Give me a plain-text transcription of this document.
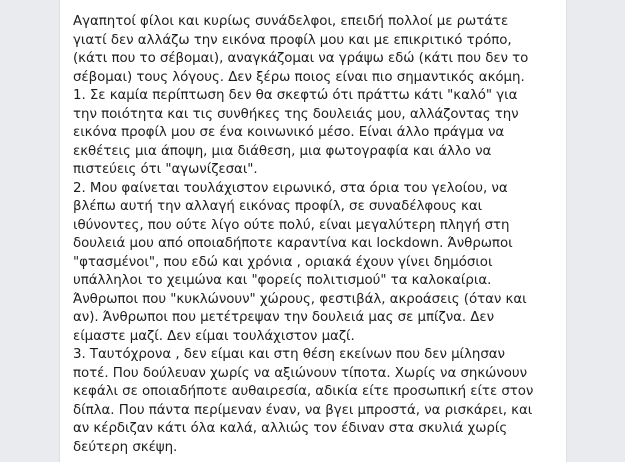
Αγαπητοί φίλοι και κυρίως συνάδελφοι, επειδή πολλοί με ρωτάτε
γιατί δεν αλλάζω την εικόνα προφίλ μου και με επικριτικό τρόπο,
(κάτι που το σέβομαι), αναγκάζομαι να γράψω εδώ (κάτι που δεν το
σέβομαι) τους λόγους. Δεν ξέρω ποιος είναι πιο σημαντικός ακόμη.
1. Σε καμία περίπτωση δεν θα σκεφτώ ότι πράττω κάτι "καλό" για
την ποιότητα και τις συνθήκες της δουλειάς μου, αλλάζοντας την
εικόνα προφίλ μου σε ένα κοινωνικό μέσο. Είναι άλλο πράγμα να
εκθέτεις μια άποψη, μια διάθεση, μια φωτογραφία και άλλο να
πιστεύεις ότι "αγωνίζεσαι".
2. Μου φαίνεται τουλάχιστον ειρωνικό, στα όρια του γελοίου, να
βλέπω αυτή την αλλαγή εικόνας προφίλ, σε συναδέλφους και
ιθύνοντες, που ούτε λίγο ούτε πολύ, είναι μεγαλύτερη πληγή στη
δουλειά μου από οποιαδήποτε καραντίνα και lockdown. Άνθρωποι
"φτασμένοι", που εδώ και χρόνια , οριακά έχουν γίνει δημόσιοι
υπάλληλοι το χειμώνα και "φορείς πολιτισμού" τα καλοκαίρια.
Άνθρωποι που "κυκλώνουν" χώρους, φεστιβάλ, ακροάσεις (όταν και
αν). Άνθρωποι που μετέτρεψαν την δουλειά μας σε μπίζνα. Δεν
είμαστε μαζί. Δεν είμαι τουλάχιστον μαζί.
3. Ταυτόχρονα , δεν είμαι και στη θέση εκείνων που δεν μίλησαν
ποτέ. Που δούλευαν χωρίς να αξιώνουν τίποτα. Χωρίς να σηκώνουν
κεφάλι σε οποιαδήποτε αυθαιρεσία, αδικία είτε προσωπική είτε στον
δίπλα. Που πάντα περίμεναν έναν, να βγει μπροστά, να ρισκάρει, και
αν κέρδιζαν κάτι όλα καλά, αλλιώς τον έδιναν στα σκυλιά χωρίς
δεύτερη σκέψη.
